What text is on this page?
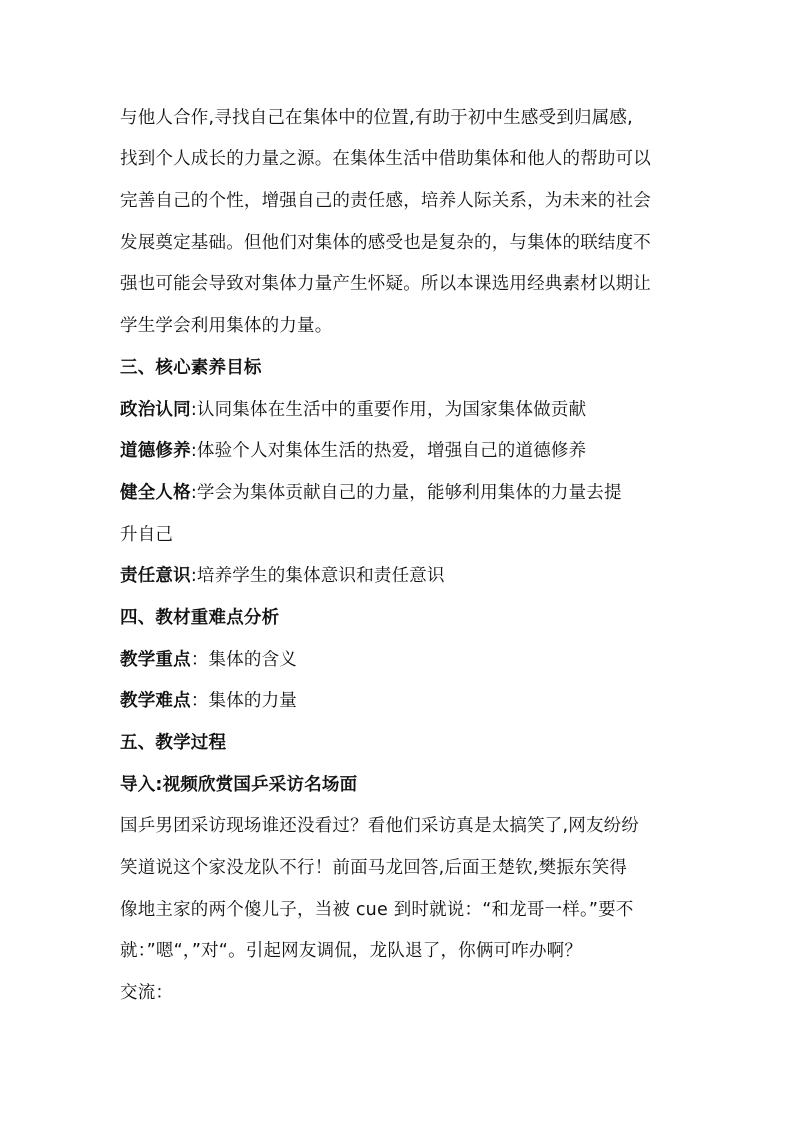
与他人合作,寻找自己在集体中的位置,有助于初中生感受到归属感,
找到个人成长的力量之源。在集体生活中借助集体和他人的帮助可以
完善自己的个性，增强自己的责任感，培养人际关系，为未来的社会
发展奠定基础。但他们对集体的感受也是复杂的，与集体的联结度不
强也可能会导致对集体力量产生怀疑。所以本课选用经典素材以期让
学生学会利用集体的力量。
三、核心素养目标
政治认同:认同集体在生活中的重要作用，为国家集体做贡献
道德修养:体验个人对集体生活的热爱，增强自己的道德修养
健全人格:学会为集体贡献自己的力量，能够利用集体的力量去提
升自己
责任意识:培养学生的集体意识和责任意识
四、教材重难点分析
教学重点：集体的含义
教学难点：集体的力量
五、教学过程
导入:视频欣赏国乒采访名场面
国乒男团采访现场谁还没看过？看他们采访真是太搞笑了,网友纷纷
笑道说这个家没龙队不行！前面马龙回答,后面王楚钦,樊振东笑得
像地主家的两个傻儿子，当被 cue 到时就说：“和龙哥一样。”要不
就：”嗯“，”对“。引起网友调侃，龙队退了，你俩可咋办啊？
交流：
